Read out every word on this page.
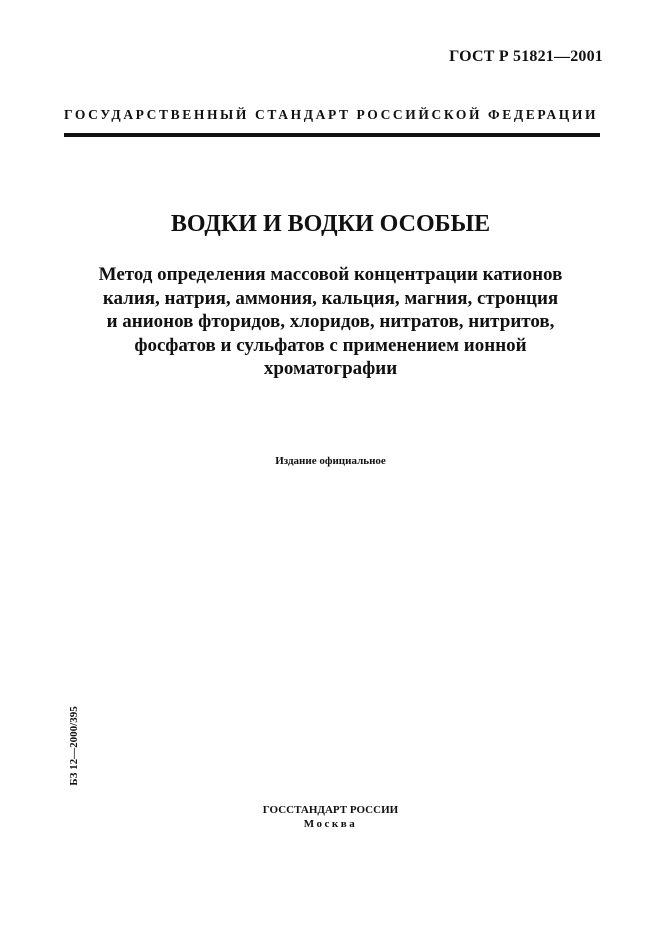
ГОСТ Р 51821—2001
ГОСУДАРСТВЕННЫЙ СТАНДАРТ РОССИЙСКОЙ ФЕДЕРАЦИИ
ВОДКИ И ВОДКИ ОСОБЫЕ
Метод определения массовой концентрации катионов
калия, натрия, аммония, кальция, магния, стронция
и анионов фторидов, хлоридов, нитратов, нитритов,
фосфатов и сульфатов с применением ионной
хроматографии
Издание официальное
БЗ 12—2000/395
ГОССТАНДАРТ РОССИИ
Москва
